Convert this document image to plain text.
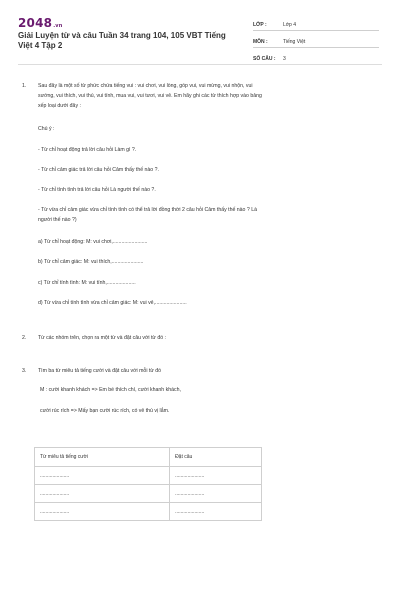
2048.vn
Giải Luyện từ và câu Tuần 34 trang 104, 105 VBT Tiếng Việt 4 Tập 2
LỚP :	Lớp 4
MÔN :	Tiếng Việt
SỐ CÂU :	3
1. Sau đây là một số từ phức chứa tiếng vui : vui chơi, vui lòng, góp vui, vui mừng, vui nhộn, vui
sướng, vui thích, vui thú, vui tính, mua vui, vui tươi, vui vẻ. Em hãy ghi các từ thích hợp vào bảng
xếp loại dưới đây :
Chú ý :
- Từ chỉ hoạt động trả lời câu hỏi Làm gì ?.
- Từ chỉ cảm giác trả lời câu hỏi Cảm thấy thế nào ?.
- Từ chỉ tính tình trả lời câu hỏi Là người thế nào ?.
- Từ vừa chỉ cảm giác vừa chỉ tính tình có thể trả lời đồng thời 2 câu hỏi Cảm thấy thế nào ? Là
người thế nào ?)
a) Từ chỉ hoạt động: M: vui chơi,........................
b) Từ chỉ cảm giác: M: vui thích,......................
c) Từ chỉ tính tình: M: vui tính,....................
d) Từ vừa chỉ tính tình vừa chỉ cảm giác: M: vui vẻ,......................
2. Từ các nhóm trên, chọn ra một từ và đặt câu với từ đó :
3. Tìm ba từ miêu tả tiếng cười và đặt câu với mỗi từ đó
M : cười khanh khách => Em bé thích chí, cười khanh khách,
cười rúc rích => Mấy bạn cười rúc rích, có vẻ thú vị lắm.
Từ miêu tả tiếng cười	Đặt câu
.....................	.....................
.....................	.....................
.....................	.....................
